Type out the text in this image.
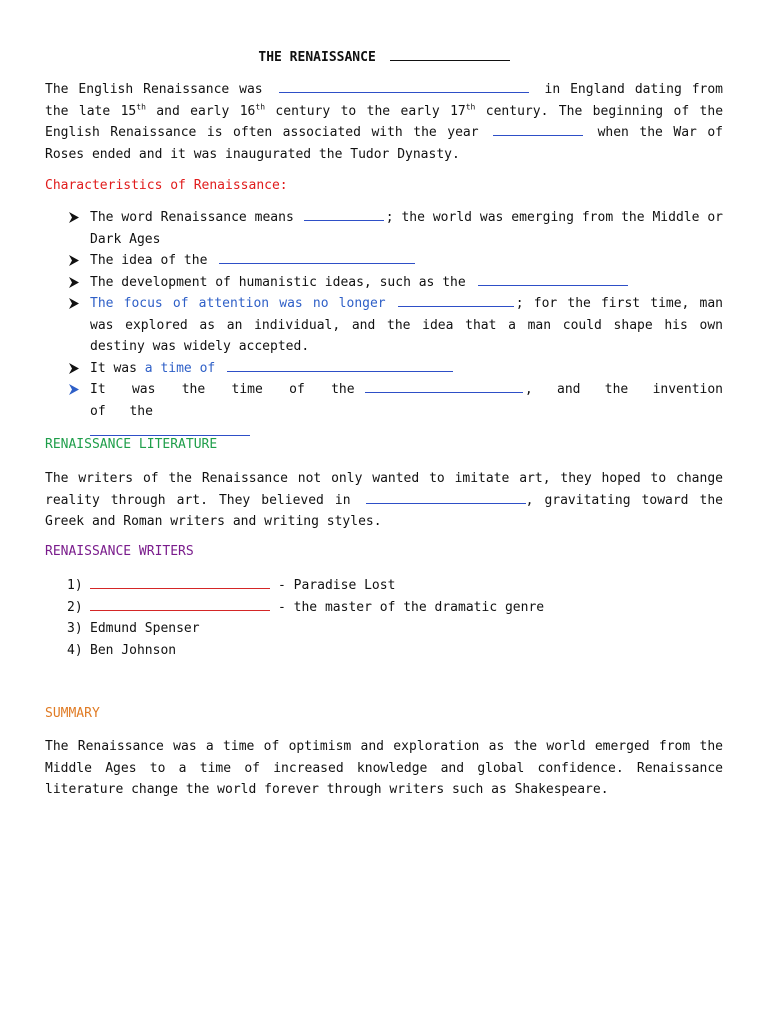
THE RENAISSANCE
The English Renaissance was	in England dating from the late 15th and early 16th century to the early 17th century. The beginning of the English Renaissance is often associated with the year	when the War of Roses ended and it was inaugurated the Tudor Dynasty.
Characteristics of Renaissance:
The word Renaissance means	; the world was emerging from the Middle or Dark Ages
The idea of the
The development of humanistic ideas, such as the
The focus of attention was no longer	; for the first time, man was explored as an individual, and the idea that a man could shape his own destiny was widely accepted.
It was a time of
It was the time of the	, and the invention of the

RENAISSANCE LITERATURE
The writers of the Renaissance not only wanted to imitate art, they hoped to change reality through art. They believed in	, gravitating toward the Greek and Roman writers and writing styles.
RENAISSANCE WRITERS
1)	- Paradise Lost
2)	- the master of the dramatic genre
3) Edmund Spenser
4) Ben Johnson
SUMMARY
The Renaissance was a time of optimism and exploration as the world emerged from the Middle Ages to a time of increased knowledge and global confidence. Renaissance literature change the world forever through writers such as Shakespeare.
